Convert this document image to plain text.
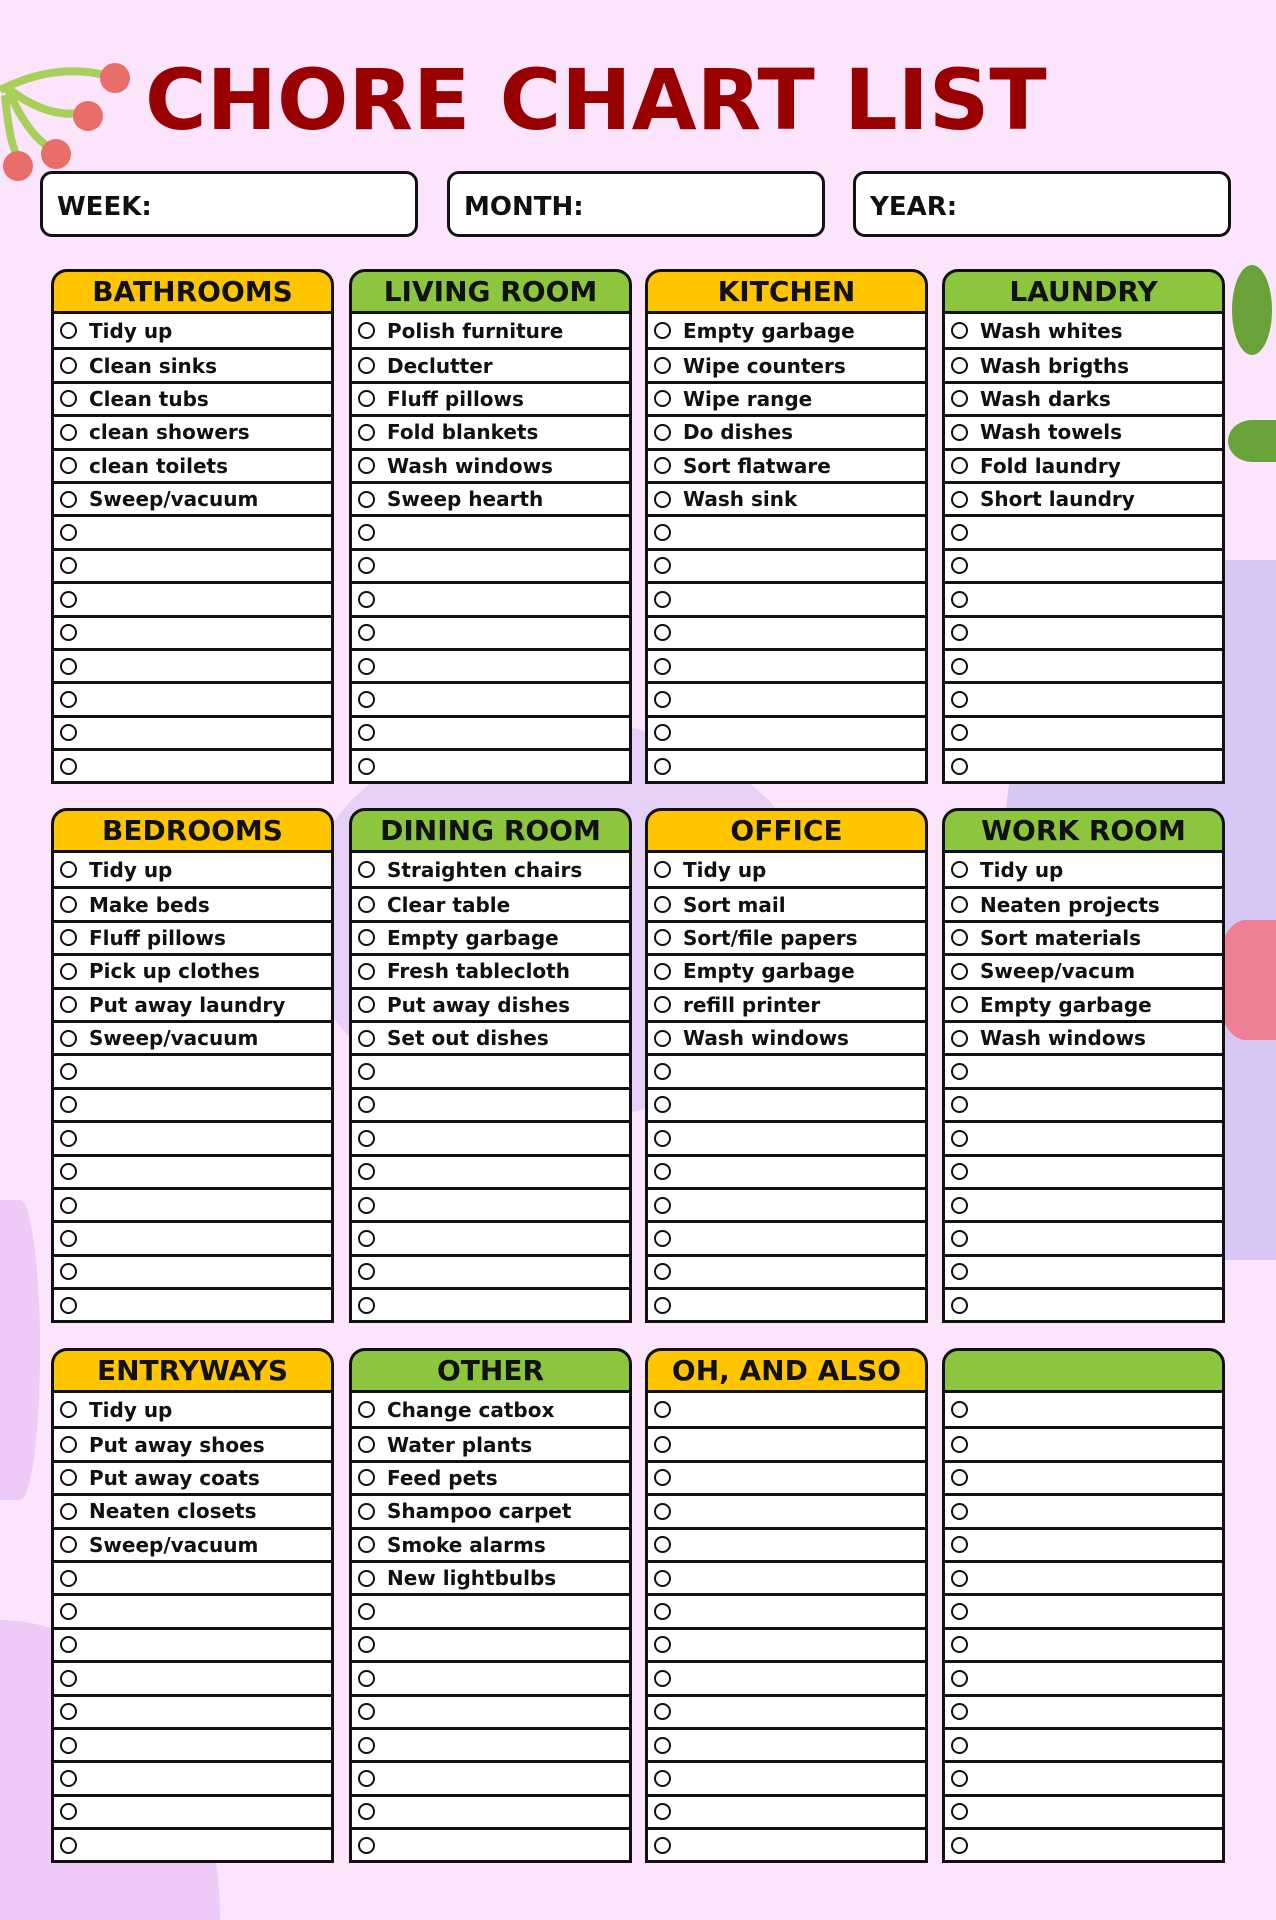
CHORE CHART LIST
WEEK:	MONTH:	YEAR:
BATHROOMS
Tidy up
Clean sinks
Clean tubs
clean showers
clean toilets
Sweep/vacuum
LIVING ROOM
Polish furniture
Declutter
Fluff pillows
Fold blankets
Wash windows
Sweep hearth
KITCHEN
Empty garbage
Wipe counters
Wipe range
Do dishes
Sort flatware
Wash sink
LAUNDRY
Wash whites
Wash brigths
Wash darks
Wash towels
Fold laundry
Short laundry
BEDROOMS
Tidy up
Make beds
Fluff pillows
Pick up clothes
Put away laundry
Sweep/vacuum
DINING ROOM
Straighten chairs
Clear table
Empty garbage
Fresh tablecloth
Put away dishes
Set out dishes
OFFICE
Tidy up
Sort mail
Sort/file papers
Empty garbage
refill printer
Wash windows
WORK ROOM
Tidy up
Neaten projects
Sort materials
Sweep/vacum
Empty garbage
Wash windows
ENTRYWAYS
Tidy up
Put away shoes
Put away coats
Neaten closets
Sweep/vacuum
OTHER
Change catbox
Water plants
Feed pets
Shampoo carpet
Smoke alarms
New lightbulbs
OH, AND ALSO
